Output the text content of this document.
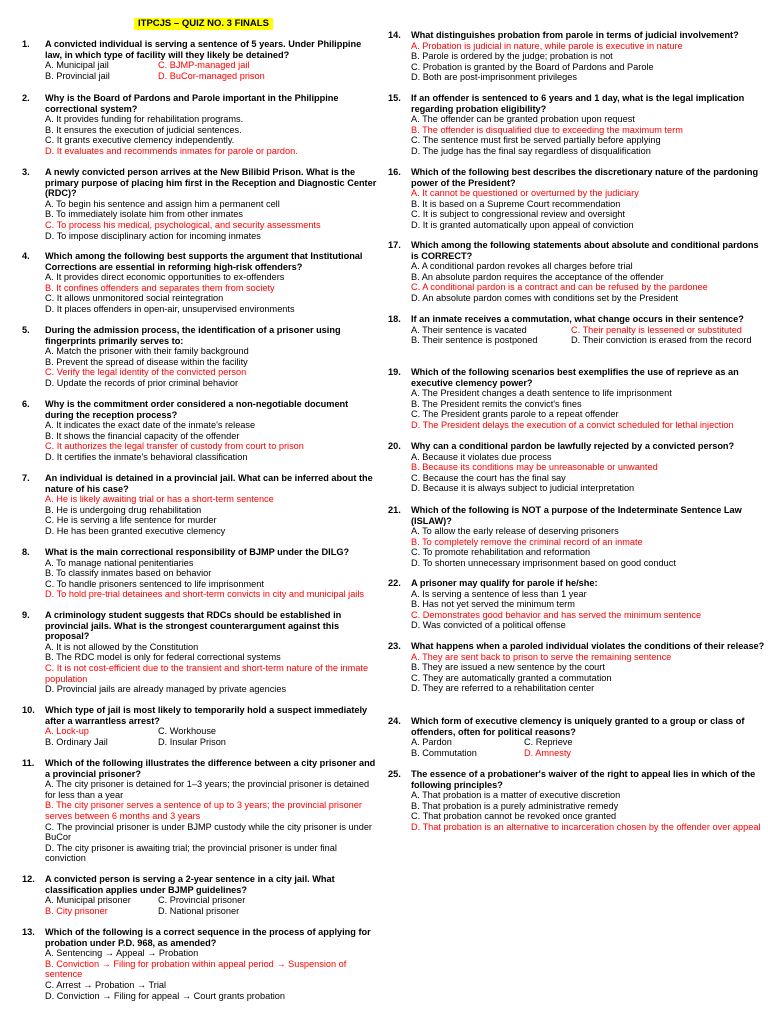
ITPCJS – QUIZ NO. 3 FINALS
1.	A convicted individual is serving a sentence of 5 years. Under Philippine law, in which type of facility will they likely be detained?
A. Municipal jail	C. BJMP-managed jail
B. Provincial jail	D. BuCor-managed prison
2.	Why is the Board of Pardons and Parole important in the Philippine correctional system?
A. It provides funding for rehabilitation programs.
B. It ensures the execution of judicial sentences.
C. It grants executive clemency independently.
D. It evaluates and recommends inmates for parole or pardon.
3.	A newly convicted person arrives at the New Bilibid Prison. What is the primary purpose of placing him first in the Reception and Diagnostic Center (RDC)?
A. To begin his sentence and assign him a permanent cell
B. To immediately isolate him from other inmates
C. To process his medical, psychological, and security assessments
D. To impose disciplinary action for incoming inmates
4.	Which among the following best supports the argument that Institutional Corrections are essential in reforming high-risk offenders?
A. It provides direct economic opportunities to ex-offenders
B. It confines offenders and separates them from society
C. It allows unmonitored social reintegration
D. It places offenders in open-air, unsupervised environments
5.	During the admission process, the identification of a prisoner using fingerprints primarily serves to:
A. Match the prisoner with their family background
B. Prevent the spread of disease within the facility
C. Verify the legal identity of the convicted person
D. Update the records of prior criminal behavior
6.	Why is the commitment order considered a non-negotiable document during the reception process?
A. It indicates the exact date of the inmate's release
B. It shows the financial capacity of the offender
C. It authorizes the legal transfer of custody from court to prison
D. It certifies the inmate's behavioral classification
7.	An individual is detained in a provincial jail. What can be inferred about the nature of his case?
A. He is likely awaiting trial or has a short-term sentence
B. He is undergoing drug rehabilitation
C. He is serving a life sentence for murder
D. He has been granted executive clemency
8.	What is the main correctional responsibility of BJMP under the DILG?
A. To manage national penitentiaries
B. To classify inmates based on behavior
C. To handle prisoners sentenced to life imprisonment
D. To hold pre-trial detainees and short-term convicts in city and municipal jails
9.	A criminology student suggests that RDCs should be established in provincial jails. What is the strongest counterargument against this proposal?
A. It is not allowed by the Constitution
B. The RDC model is only for federal correctional systems
C. It is not cost-efficient due to the transient and short-term nature of the inmate population
D. Provincial jails are already managed by private agencies
10.	Which type of jail is most likely to temporarily hold a suspect immediately after a warrantless arrest?
A. Lock-up	C. Workhouse
B. Ordinary Jail	D. Insular Prison
11.	Which of the following illustrates the difference between a city prisoner and a provincial prisoner?
A. The city prisoner is detained for 1–3 years; the provincial prisoner is detained for less than a year
B. The city prisoner serves a sentence of up to 3 years; the provincial prisoner serves between 6 months and 3 years
C. The provincial prisoner is under BJMP custody while the city prisoner is under BuCor
D. The city prisoner is awaiting trial; the provincial prisoner is under final conviction
12.	A convicted person is serving a 2-year sentence in a city jail. What classification applies under BJMP guidelines?
A. Municipal prisoner	C. Provincial prisoner
B. City prisoner	D. National prisoner
13.	Which of the following is a correct sequence in the process of applying for probation under P.D. 968, as amended?
A. Sentencing → Appeal → Probation
B. Conviction → Filing for probation within appeal period → Suspension of sentence
C. Arrest → Probation → Trial
D. Conviction → Filing for appeal → Court grants probation
14.	What distinguishes probation from parole in terms of judicial involvement?
A. Probation is judicial in nature, while parole is executive in nature
B. Parole is ordered by the judge; probation is not
C. Probation is granted by the Board of Pardons and Parole
D. Both are post-imprisonment privileges
15.	If an offender is sentenced to 6 years and 1 day, what is the legal implication regarding probation eligibility?
A. The offender can be granted probation upon request
B. The offender is disqualified due to exceeding the maximum term
C. The sentence must first be served partially before applying
D. The judge has the final say regardless of disqualification
16.	Which of the following best describes the discretionary nature of the pardoning power of the President?
A. It cannot be questioned or overturned by the judiciary
B. It is based on a Supreme Court recommendation
C. It is subject to congressional review and oversight
D. It is granted automatically upon appeal of conviction
17.	Which among the following statements about absolute and conditional pardons is CORRECT?
A. A conditional pardon revokes all charges before trial
B. An absolute pardon requires the acceptance of the offender
C. A conditional pardon is a contract and can be refused by the pardonee
D. An absolute pardon comes with conditions set by the President
18.	If an inmate receives a commutation, what change occurs in their sentence?
A. Their sentence is vacated	C. Their penalty is lessened or substituted
B. Their sentence is postponed	D. Their conviction is erased from the record
19.	Which of the following scenarios best exemplifies the use of reprieve as an executive clemency power?
A. The President changes a death sentence to life imprisonment
B. The President remits the convict's fines
C. The President grants parole to a repeat offender
D. The President delays the execution of a convict scheduled for lethal injection
20.	Why can a conditional pardon be lawfully rejected by a convicted person?
A. Because it violates due process
B. Because its conditions may be unreasonable or unwanted
C. Because the court has the final say
D. Because it is always subject to judicial interpretation
21.	Which of the following is NOT a purpose of the Indeterminate Sentence Law (ISLAW)?
A. To allow the early release of deserving prisoners
B. To completely remove the criminal record of an inmate
C. To promote rehabilitation and reformation
D. To shorten unnecessary imprisonment based on good conduct
22.	A prisoner may qualify for parole if he/she:
A. Is serving a sentence of less than 1 year
B. Has not yet served the minimum term
C. Demonstrates good behavior and has served the minimum sentence
D. Was convicted of a political offense
23.	What happens when a paroled individual violates the conditions of their release?
A. They are sent back to prison to serve the remaining sentence
B. They are issued a new sentence by the court
C. They are automatically granted a commutation
D. They are referred to a rehabilitation center
24.	Which form of executive clemency is uniquely granted to a group or class of offenders, often for political reasons?
A. Pardon	C. Reprieve
B. Commutation	D. Amnesty
25.	The essence of a probationer's waiver of the right to appeal lies in which of the following principles?
A. That probation is a matter of executive discretion
B. That probation is a purely administrative remedy
C. That probation cannot be revoked once granted
D. That probation is an alternative to incarceration chosen by the offender over appeal
